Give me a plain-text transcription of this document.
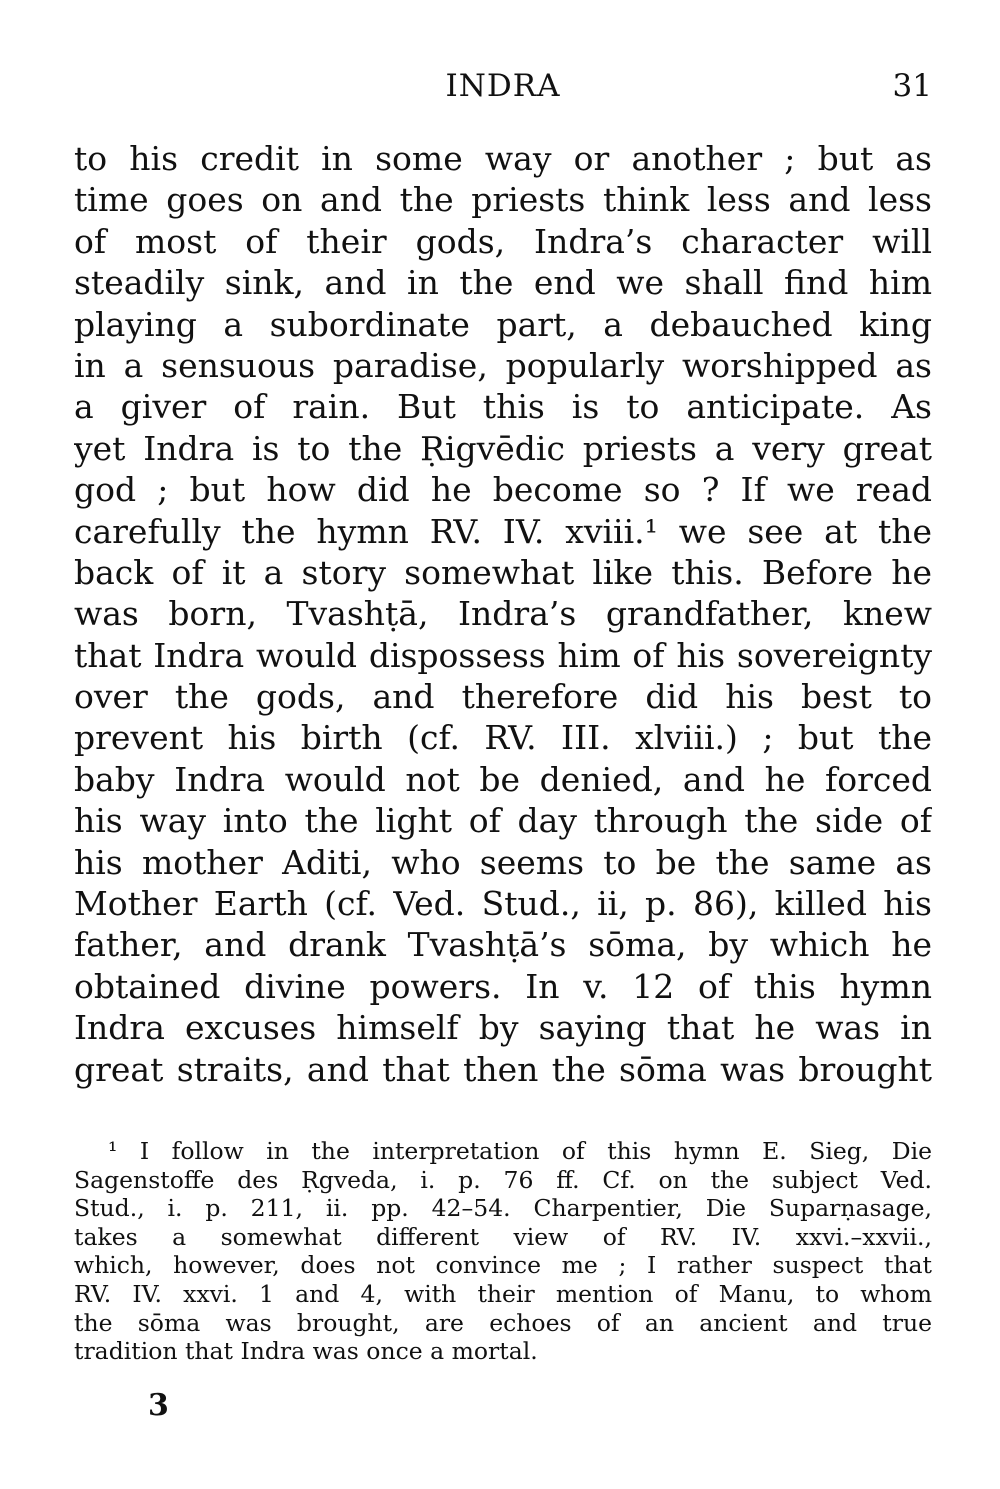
INDRA	31
to his credit in some way or another ; but as
time goes on and the priests think less and less
of most of their gods, Indra’s character will
steadily sink, and in the end we shall find him
playing a subordinate part, a debauched king
in a sensuous paradise, popularly worshipped as
a giver of rain. But this is to anticipate. As
yet Indra is to the Ṛigvēdic priests a very great
god ; but how did he become so ? If we read
carefully the hymn RV. IV. xviii.¹ we see at the
back of it a story somewhat like this. Before he
was born, Tvashṭā, Indra’s grandfather, knew
that Indra would dispossess him of his sovereignty
over the gods, and therefore did his best to
prevent his birth (cf. RV. III. xlviii.) ; but the
baby Indra would not be denied, and he forced
his way into the light of day through the side of
his mother Aditi, who seems to be the same as
Mother Earth (cf. Ved. Stud., ii, p. 86), killed his
father, and drank Tvashṭā’s sōma, by which he
obtained divine powers. In v. 12 of this hymn
Indra excuses himself by saying that he was in
great straits, and that then the sōma was brought
¹ I follow in the interpretation of this hymn E. Sieg, Die
Sagenstoffe des Ṛgveda, i. p. 76 ff. Cf. on the subject Ved.
Stud., i. p. 211, ii. pp. 42–54. Charpentier, Die Suparṇasage,
takes a somewhat different view of RV. IV. xxvi.–xxvii.,
which, however, does not convince me ; I rather suspect that
RV. IV. xxvi. 1 and 4, with their mention of Manu, to whom
the sōma was brought, are echoes of an ancient and true
tradition that Indra was once a mortal.
3
